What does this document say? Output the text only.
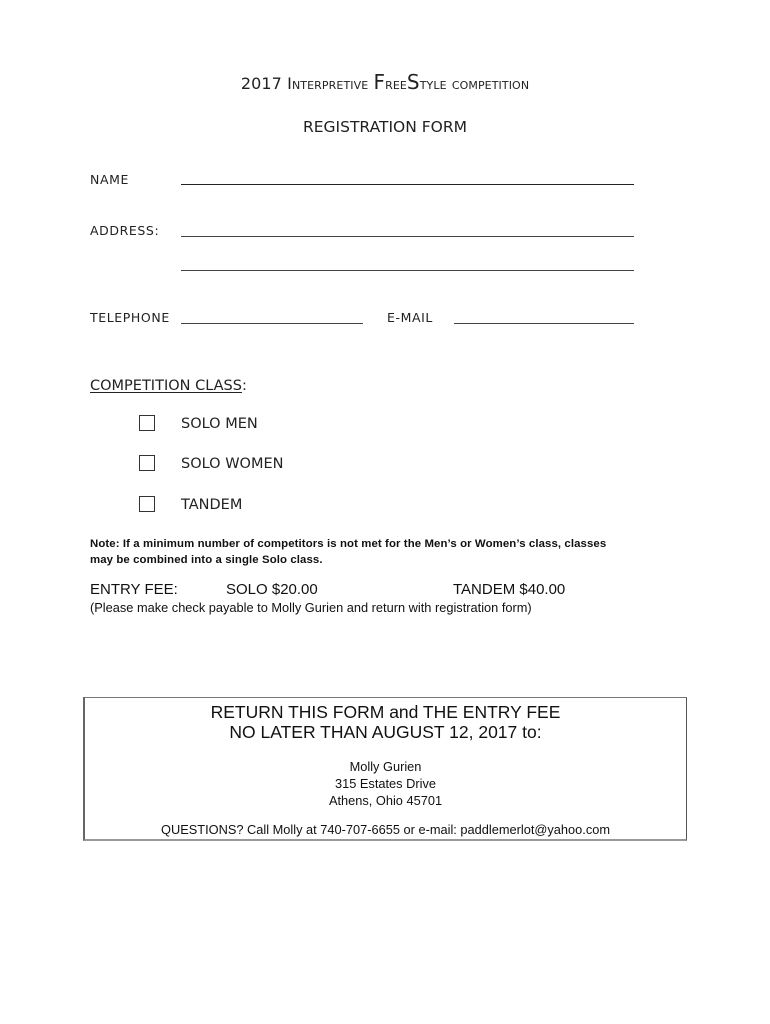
2017 Interpretive FreeStyle competition
REGISTRATION FORM
NAME
ADDRESS:
TELEPHONE	E-MAIL
COMPETITION CLASS:
SOLO MEN
SOLO WOMEN
TANDEM
Note: If a minimum number of competitors is not met for the Men’s or Women’s class, classes
may be combined into a single Solo class.
ENTRY FEE:	SOLO $20.00	TANDEM $40.00
(Please make check payable to Molly Gurien and return with registration form)
RETURN THIS FORM and THE ENTRY FEE
NO LATER THAN AUGUST 12, 2017 to:
Molly Gurien
315 Estates Drive
Athens, Ohio 45701
QUESTIONS? Call Molly at 740-707-6655 or e-mail: paddlemerlot@yahoo.com
